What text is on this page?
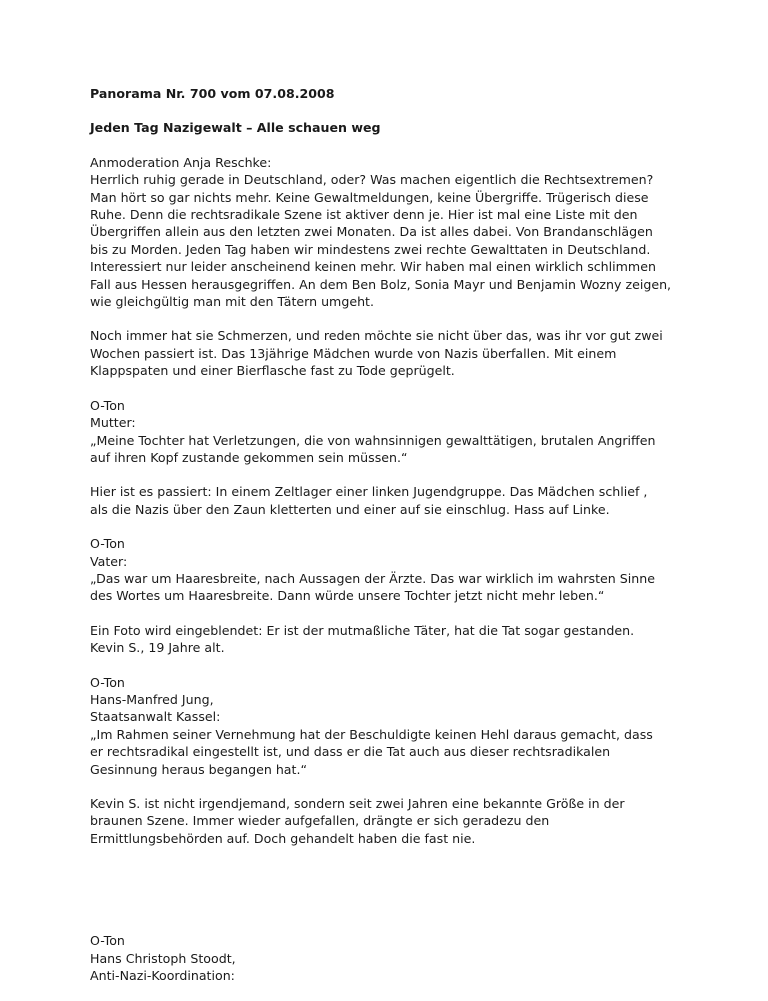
Panorama Nr. 700 vom 07.08.2008
Jeden Tag Nazigewalt – Alle schauen weg
Anmoderation Anja Reschke:
Herrlich ruhig gerade in Deutschland, oder? Was machen eigentlich die Rechtsextremen?
Man hört so gar nichts mehr. Keine Gewaltmeldungen, keine Übergriffe. Trügerisch diese
Ruhe. Denn die rechtsradikale Szene ist aktiver denn je. Hier ist mal eine Liste mit den
Übergriffen allein aus den letzten zwei Monaten. Da ist alles dabei. Von Brandanschlägen
bis zu Morden. Jeden Tag haben wir mindestens zwei rechte Gewalttaten in Deutschland.
Interessiert nur leider anscheinend keinen mehr. Wir haben mal einen wirklich schlimmen
Fall aus Hessen herausgegriffen. An dem Ben Bolz, Sonia Mayr und Benjamin Wozny zeigen,
wie gleichgültig man mit den Tätern umgeht.
Noch immer hat sie Schmerzen, und reden möchte sie nicht über das, was ihr vor gut zwei
Wochen passiert ist. Das 13jährige Mädchen wurde von Nazis überfallen. Mit einem
Klappspaten und einer Bierflasche fast zu Tode geprügelt.
O-Ton
Mutter:
„Meine Tochter hat Verletzungen, die von wahnsinnigen gewalttätigen, brutalen Angriffen
auf ihren Kopf zustande gekommen sein müssen.“
Hier ist es passiert: In einem Zeltlager einer linken Jugendgruppe. Das Mädchen schlief ,
als die Nazis über den Zaun kletterten und einer auf sie einschlug. Hass auf Linke.
O-Ton
Vater:
„Das war um Haaresbreite, nach Aussagen der Ärzte. Das war wirklich im wahrsten Sinne
des Wortes um Haaresbreite. Dann würde unsere Tochter jetzt nicht mehr leben.“
Ein Foto wird eingeblendet: Er ist der mutmaßliche Täter, hat die Tat sogar gestanden.
Kevin S., 19 Jahre alt.
O-Ton
Hans-Manfred Jung,
Staatsanwalt Kassel:
„Im Rahmen seiner Vernehmung hat der Beschuldigte keinen Hehl daraus gemacht, dass
er rechtsradikal eingestellt ist, und dass er die Tat auch aus dieser rechtsradikalen
Gesinnung heraus begangen hat.“
Kevin S. ist nicht irgendjemand, sondern seit zwei Jahren eine bekannte Größe in der
braunen Szene. Immer wieder aufgefallen, drängte er sich geradezu den
Ermittlungsbehörden auf. Doch gehandelt haben die fast nie.
O-Ton
Hans Christoph Stoodt,
Anti-Nazi-Koordination:
